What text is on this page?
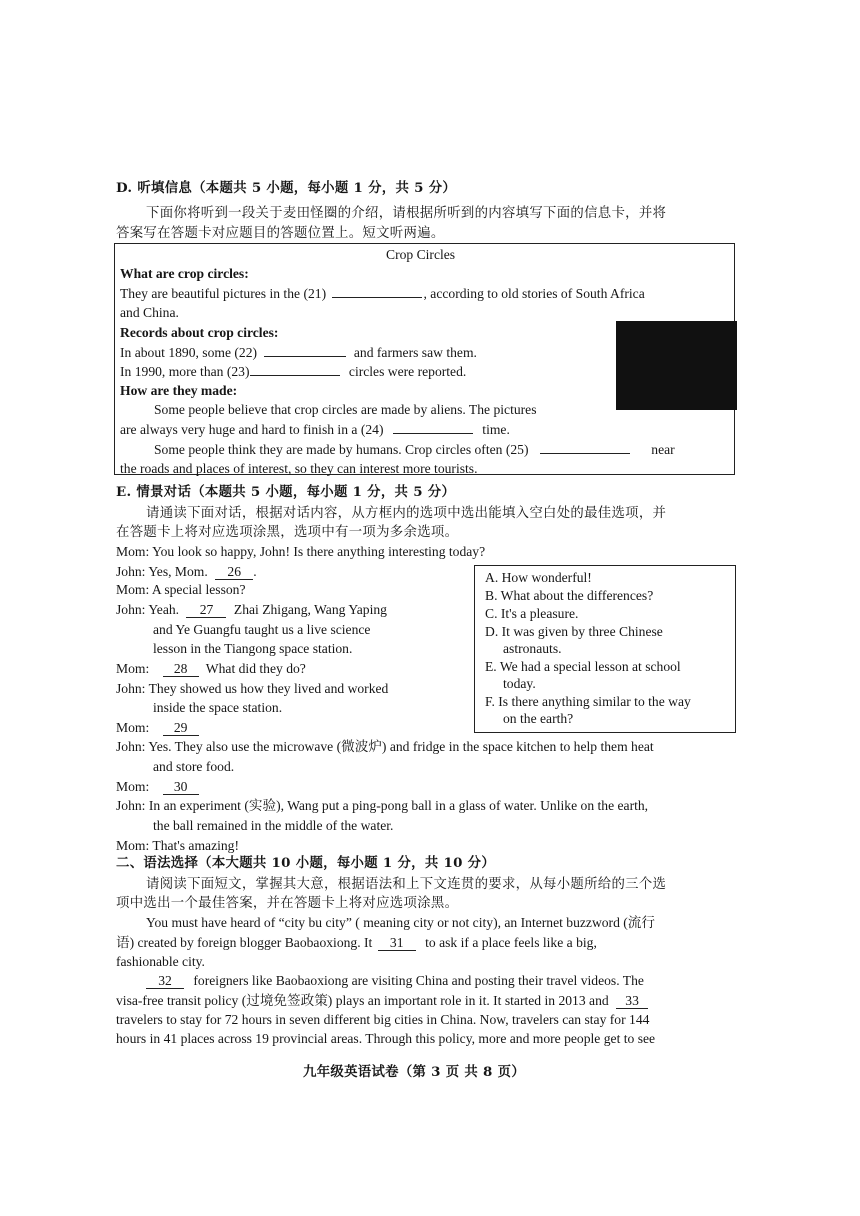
D. 听填信息（本题共 5 小题，每小题 1 分，共 5 分）
下面你将听到一段关于麦田怪圈的介绍，请根据所听到的内容填写下面的信息卡，并将
答案写在答题卡对应题目的答题位置上。短文听两遍。
Crop Circles
What are crop circles:
They are beautiful pictures in the (21)	, according to old stories of South Africa
and China.
Records about crop circles:
In about 1890, some (22)	and farmers saw them.
In 1990, more than (23)	circles were reported.
How are they made:
Some people believe that crop circles are made by aliens. The pictures
are always very huge and hard to finish in a (24)	time.
Some people think they are made by humans. Crop circles often (25)	near
the roads and places of interest, so they can interest more tourists.
E. 情景对话（本题共 5 小题，每小题 1 分，共 5 分）
请通读下面对话，根据对话内容，从方框内的选项中选出能填入空白处的最佳选项，并
在答题卡上将对应选项涂黑，选项中有一项为多余选项。
Mom: You look so happy, John! Is there anything interesting today?
John: Yes, Mom. 26 .
Mom: A special lesson?
John: Yeah. 27 Zhai Zhigang, Wang Yaping
and Ye Guangfu taught us a live science
lesson in the Tiangong space station.
Mom: 28 What did they do?
John: They showed us how they lived and worked
inside the space station.
Mom: 29
John: Yes. They also use the microwave (微波炉) and fridge in the space kitchen to help them heat
and store food.
Mom: 30
John: In an experiment (实验), Wang put a ping-pong ball in a glass of water. Unlike on the earth,
the ball remained in the middle of the water.
Mom: That's amazing!
A. How wonderful!
B. What about the differences?
C. It's a pleasure.
D. It was given by three Chinese
astronauts.
E. We had a special lesson at school
today.
F. Is there anything similar to the way
on the earth?
二、语法选择（本大题共 10 小题，每小题 1 分，共 10 分）
请阅读下面短文，掌握其大意，根据语法和上下文连贯的要求，从每小题所给的三个选
项中选出一个最佳答案，并在答题卡上将对应选项涂黑。
You must have heard of “city bu city” ( meaning city or not city), an Internet buzzword (流行
语) created by foreign blogger Baobaoxiong. It 31 to ask if a place feels like a big,
fashionable city.
32 foreigners like Baobaoxiong are visiting China and posting their travel videos. The
visa-free transit policy (过境免签政策) plays an important role in it. It started in 2013 and 33
travelers to stay for 72 hours in seven different big cities in China. Now, travelers can stay for 144
hours in 41 places across 19 provincial areas. Through this policy, more and more people get to see
九年级英语试卷（第 3 页 共 8 页）
